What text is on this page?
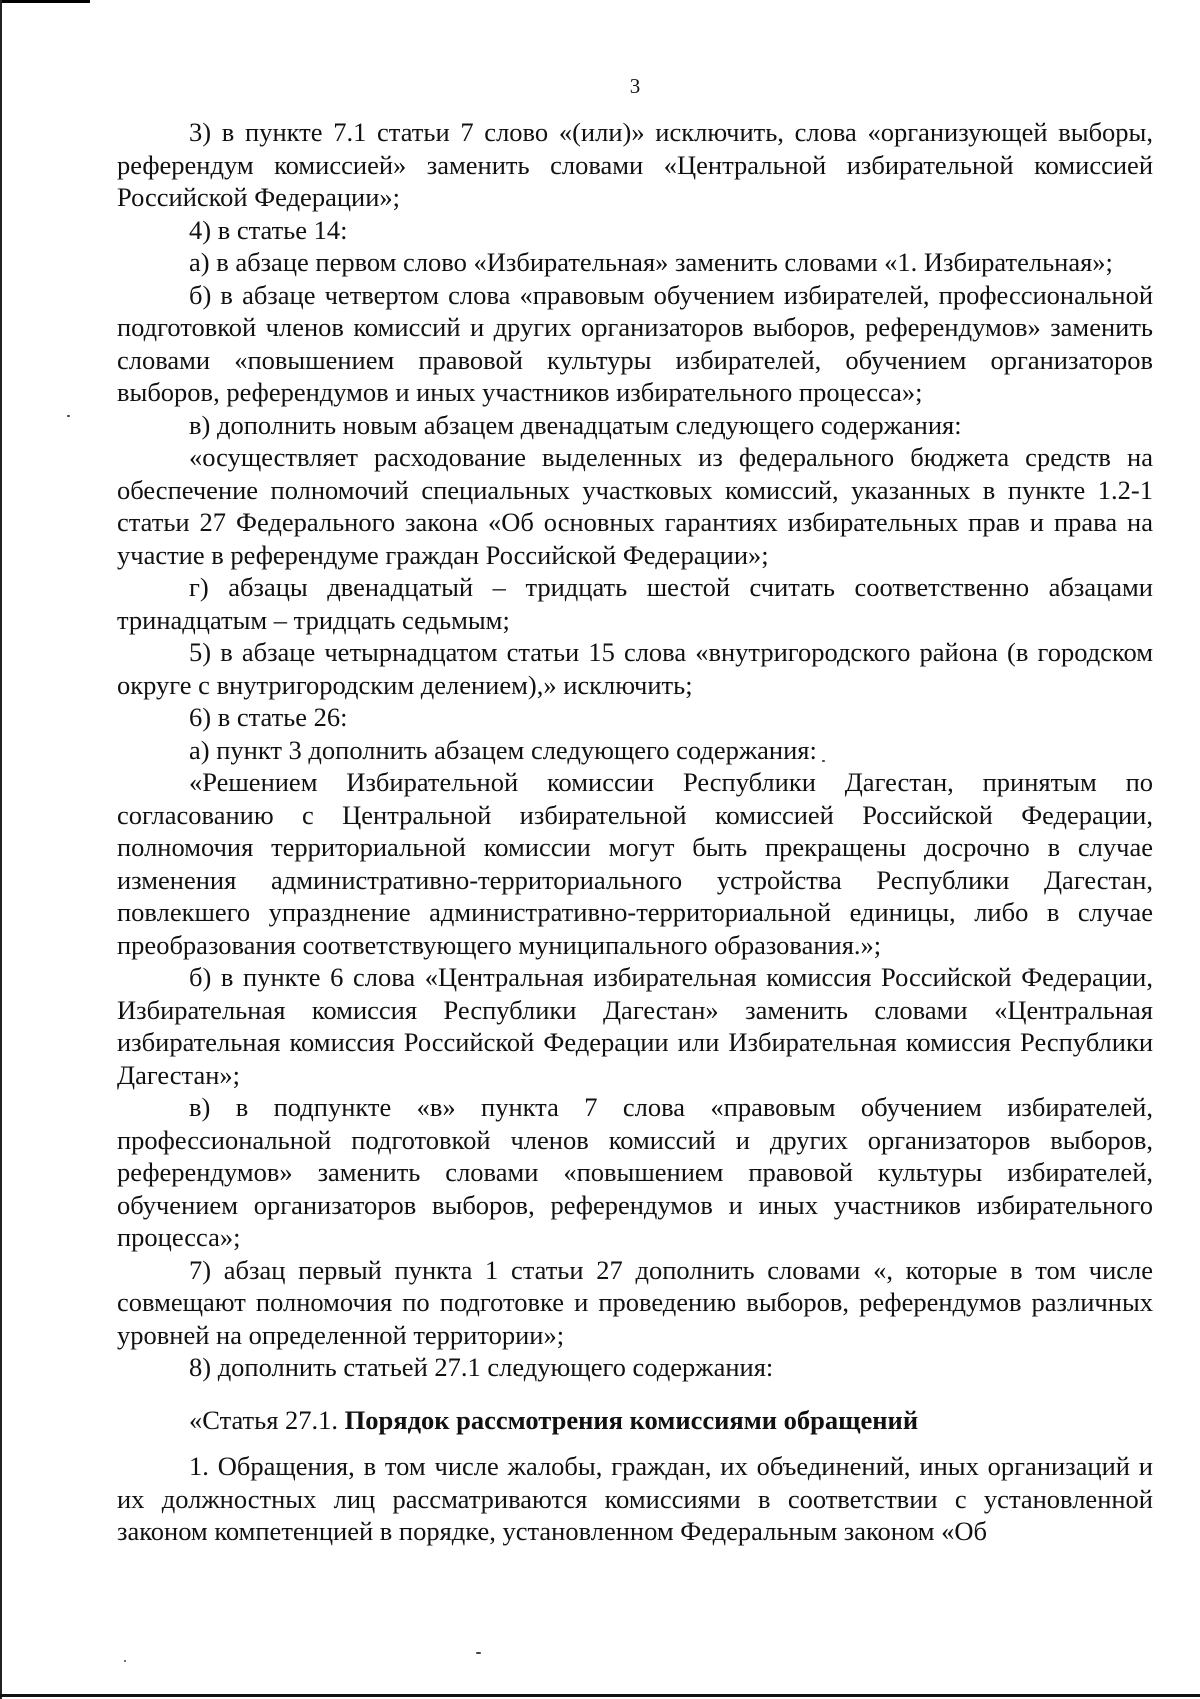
3

3) в пункте 7.1 статьи 7 слово «(или)» исключить, слова «организующей выборы, референдум комиссией» заменить словами «Центральной избирательной комиссией Российской Федерации»;

4) в статье 14:

а) в абзаце первом слово «Избирательная» заменить словами «1. Избирательная»;

б) в абзаце четвертом слова «правовым обучением избирателей, профессиональной подготовкой членов комиссий и других организаторов выборов, референдумов» заменить словами «повышением правовой культуры избирателей, обучением организаторов выборов, референдумов и иных участников избирательного процесса»;

в) дополнить новым абзацем двенадцатым следующего содержания:

«осуществляет расходование выделенных из федерального бюджета средств на обеспечение полномочий специальных участковых комиссий, указанных в пункте 1.2-1 статьи 27 Федерального закона «Об основных гарантиях избирательных прав и права на участие в референдуме граждан Российской Федерации»;

г) абзацы двенадцатый – тридцать шестой считать соответственно абзацами тринадцатым – тридцать седьмым;

5) в абзаце четырнадцатом статьи 15 слова «внутригородского района (в городском округе с внутригородским делением),» исключить;

6) в статье 26:

а) пункт 3 дополнить абзацем следующего содержания:

«Решением Избирательной комиссии Республики Дагестан, принятым по согласованию с Центральной избирательной комиссией Российской Федерации, полномочия территориальной комиссии могут быть прекращены досрочно в случае изменения административно-территориального устройства Республики Дагестан, повлекшего упразднение административно-территориальной единицы, либо в случае преобразования соответствующего муниципального образования.»;

б) в пункте 6 слова «Центральная избирательная комиссия Российской Федерации, Избирательная комиссия Республики Дагестан» заменить словами «Центральная избирательная комиссия Российской Федерации или Избирательная комиссия Республики Дагестан»;

в) в подпункте «в» пункта 7 слова «правовым обучением избирателей, профессиональной подготовкой членов комиссий и других организаторов выборов, референдумов» заменить словами «повышением правовой культуры избирателей, обучением организаторов выборов, референдумов и иных участников избирательного процесса»;

7) абзац первый пункта 1 статьи 27 дополнить словами «, которые в том числе совмещают полномочия по подготовке и проведению выборов, референдумов различных уровней на определенной территории»;

8) дополнить статьей 27.1 следующего содержания:

«Статья 27.1. Порядок рассмотрения комиссиями обращений

1. Обращения, в том числе жалобы, граждан, их объединений, иных организаций и их должностных лиц рассматриваются комиссиями в соответствии с установленной законом компетенцией в порядке, установленном Федеральным законом «Об
